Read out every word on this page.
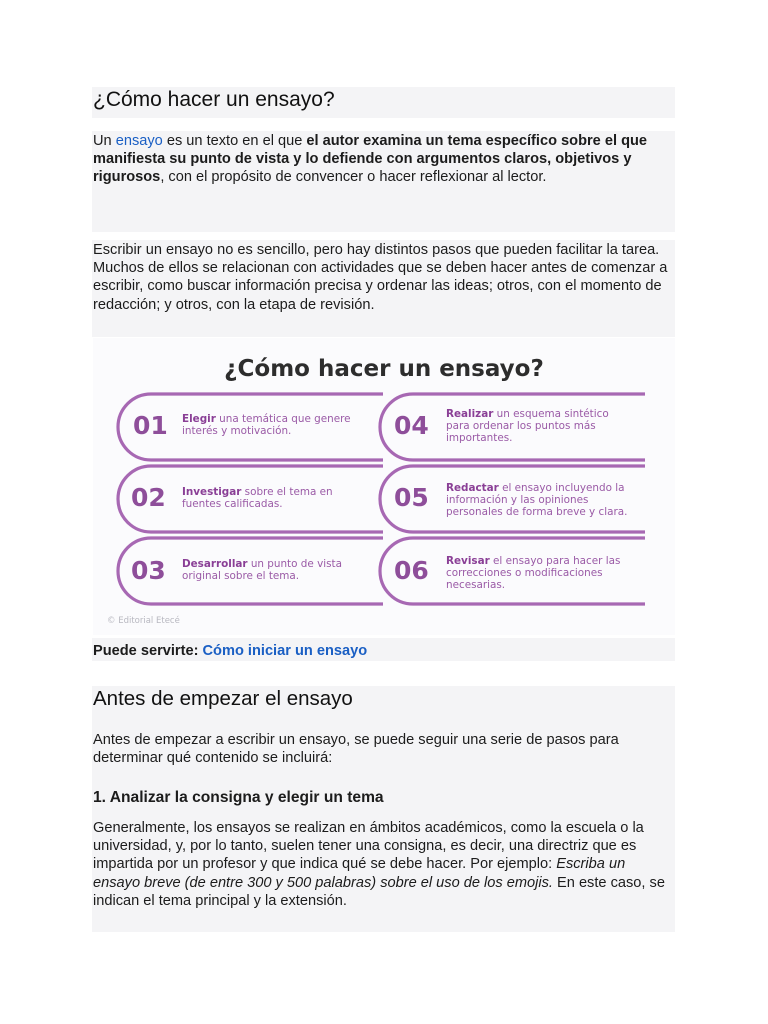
¿Cómo hacer un ensayo?

Un ensayo es un texto en el que el autor examina un tema específico sobre el que manifiesta su punto de vista y lo defiende con argumentos claros, objetivos y rigurosos, con el propósito de convencer o hacer reflexionar al lector.

Escribir un ensayo no es sencillo, pero hay distintos pasos que pueden facilitar la tarea. Muchos de ellos se relacionan con actividades que se deben hacer antes de comenzar a escribir, como buscar información precisa y ordenar las ideas; otros, con el momento de redacción; y otros, con la etapa de revisión.

¿Cómo hacer un ensayo?
01 Elegir una temática que genere interés y motivación.
02 Investigar sobre el tema en fuentes calificadas.
03 Desarrollar un punto de vista original sobre el tema.
04 Realizar un esquema sintético para ordenar los puntos más importantes.
05 Redactar el ensayo incluyendo la información y las opiniones personales de forma breve y clara.
06 Revisar el ensayo para hacer las correcciones o modificaciones necesarias.
© Editorial Etecé

Puede servirte: Cómo iniciar un ensayo

Antes de empezar el ensayo

Antes de empezar a escribir un ensayo, se puede seguir una serie de pasos para determinar qué contenido se incluirá:

1. Analizar la consigna y elegir un tema

Generalmente, los ensayos se realizan en ámbitos académicos, como la escuela o la universidad, y, por lo tanto, suelen tener una consigna, es decir, una directriz que es impartida por un profesor y que indica qué se debe hacer. Por ejemplo: Escriba un ensayo breve (de entre 300 y 500 palabras) sobre el uso de los emojis. En este caso, se indican el tema principal y la extensión.
